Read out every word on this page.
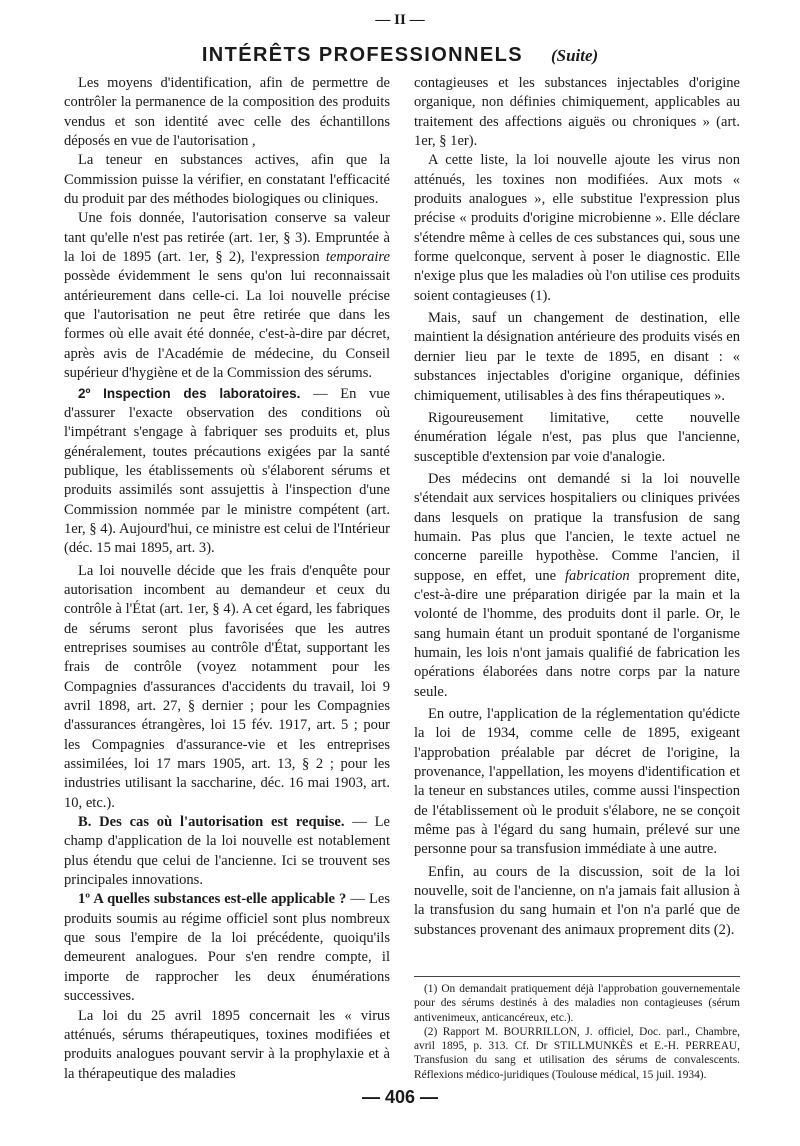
— II —
INTÉRÊTS PROFESSIONNELS (Suite)

Les moyens d'identification, afin de permettre de contrôler la permanence de la composition des produits vendus et son identité avec celle des échantillons déposés en vue de l'autorisation ,

La teneur en substances actives, afin que la Commission puisse la vérifier, en constatant l'efficacité du produit par des méthodes biologiques ou cliniques.

Une fois donnée, l'autorisation conserve sa valeur tant qu'elle n'est pas retirée (art. 1er, § 3). Empruntée à la loi de 1895 (art. 1er, § 2), l'expression temporaire possède évidemment le sens qu'on lui reconnaissait antérieurement dans celle-ci. La loi nouvelle précise que l'autorisation ne peut être retirée que dans les formes où elle avait été donnée, c'est-à-dire par décret, après avis de l'Académie de médecine, du Conseil supérieur d'hygiène et de la Commission des sérums.

2º Inspection des laboratoires. — En vue d'assurer l'exacte observation des conditions où l'impétrant s'engage à fabriquer ses produits et, plus généralement, toutes précautions exigées par la santé publique, les établissements où s'élaborent sérums et produits assimilés sont assujettis à l'inspection d'une Commission nommée par le ministre compétent (art. 1er, § 4). Aujourd'hui, ce ministre est celui de l'Intérieur (déc. 15 mai 1895, art. 3).

La loi nouvelle décide que les frais d'enquête pour autorisation incombent au demandeur et ceux du contrôle à l'État (art. 1er, § 4). A cet égard, les fabriques de sérums seront plus favorisées que les autres entreprises soumises au contrôle d'État, supportant les frais de contrôle (voyez notamment pour les Compagnies d'assurances d'accidents du travail, loi 9 avril 1898, art. 27, § dernier ; pour les Compagnies d'assurances étrangères, loi 15 fév. 1917, art. 5 ; pour les Compagnies d'assurance-vie et les entreprises assimilées, loi 17 mars 1905, art. 13, § 2 ; pour les industries utilisant la saccharine, déc. 16 mai 1903, art. 10, etc.).

B. Des cas où l'autorisation est requise. — Le champ d'application de la loi nouvelle est notablement plus étendu que celui de l'ancienne. Ici se trouvent ses principales innovations.

1º A quelles substances est-elle applicable ? — Les produits soumis au régime officiel sont plus nombreux que sous l'empire de la loi précédente, quoiqu'ils demeurent analogues. Pour s'en rendre compte, il importe de rapprocher les deux énumérations successives.

La loi du 25 avril 1895 concernait les « virus atténués, sérums thérapeutiques, toxines modifiées et produits analogues pouvant servir à la prophylaxie et à la thérapeutique des maladies

contagieuses et les substances injectables d'origine organique, non définies chimiquement, applicables au traitement des affections aiguës ou chroniques » (art. 1er, § 1er).

A cette liste, la loi nouvelle ajoute les virus non atténués, les toxines non modifiées. Aux mots « produits analogues », elle substitue l'expression plus précise « produits d'origine microbienne ». Elle déclare s'étendre même à celles de ces substances qui, sous une forme quelconque, servent à poser le diagnostic. Elle n'exige plus que les maladies où l'on utilise ces produits soient contagieuses (1).

Mais, sauf un changement de destination, elle maintient la désignation antérieure des produits visés en dernier lieu par le texte de 1895, en disant : « substances injectables d'origine organique, définies chimiquement, utilisables à des fins thérapeutiques ».

Rigoureusement limitative, cette nouvelle énumération légale n'est, pas plus que l'ancienne, susceptible d'extension par voie d'analogie.

Des médecins ont demandé si la loi nouvelle s'étendait aux services hospitaliers ou cliniques privées dans lesquels on pratique la transfusion de sang humain. Pas plus que l'ancien, le texte actuel ne concerne pareille hypothèse. Comme l'ancien, il suppose, en effet, une fabrication proprement dite, c'est-à-dire une préparation dirigée par la main et la volonté de l'homme, des produits dont il parle. Or, le sang humain étant un produit spontané de l'organisme humain, les lois n'ont jamais qualifié de fabrication les opérations élaborées dans notre corps par la nature seule.

En outre, l'application de la réglementation qu'édicte la loi de 1934, comme celle de 1895, exigeant l'approbation préalable par décret de l'origine, la provenance, l'appellation, les moyens d'identification et la teneur en substances utiles, comme aussi l'inspection de l'établissement où le produit s'élabore, ne se conçoit même pas à l'égard du sang humain, prélevé sur une personne pour sa transfusion immédiate à une autre.

Enfin, au cours de la discussion, soit de la loi nouvelle, soit de l'ancienne, on n'a jamais fait allusion à la transfusion du sang humain et l'on n'a parlé que de substances provenant des animaux proprement dits (2).

(1) On demandait pratiquement déjà l'approbation gouvernementale pour des sérums destinés à des maladies non contagieuses (sérum antivenimeux, anticancéreux, etc.).

(2) Rapport M. BOURRILLON, J. officiel, Doc. parl., Chambre, avril 1895, p. 313. Cf. Dr STILLMUNKÈS et E.-H. PERREAU, Transfusion du sang et utilisation des sérums de convalescents. Réflexions médico-juridiques (Toulouse médical, 15 juil. 1934).

— 406 —
